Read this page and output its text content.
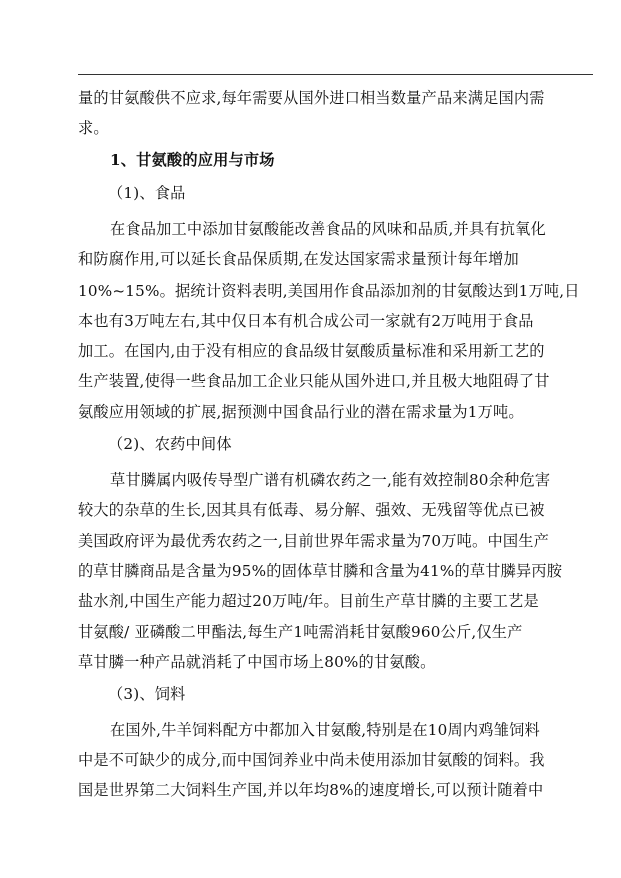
量的甘氨酸供不应求,每年需要从国外进口相当数量产品来满足国内需
求。
1、甘氨酸的应用与市场
（1)、食品
在食品加工中添加甘氨酸能改善食品的风味和品质,并具有抗氧化
和防腐作用,可以延长食品保质期,在发达国家需求量预计每年增加
10%~15%。据统计资料表明,美国用作食品添加剂的甘氨酸达到1万吨,日
本也有3万吨左右,其中仅日本有机合成公司一家就有2万吨用于食品
加工。在国内,由于没有相应的食品级甘氨酸质量标准和采用新工艺的
生产装置,使得一些食品加工企业只能从国外进口,并且极大地阻碍了甘
氨酸应用领域的扩展,据预测中国食品行业的潜在需求量为1万吨。
（2)、农药中间体
草甘膦属内吸传导型广谱有机磷农药之一,能有效控制80余种危害
较大的杂草的生长,因其具有低毒、易分解、强效、无残留等优点已被
美国政府评为最优秀农药之一,目前世界年需求量为70万吨。中国生产
的草甘膦商品是含量为95%的固体草甘膦和含量为41%的草甘膦异丙胺
盐水剂,中国生产能力超过20万吨/年。目前生产草甘膦的主要工艺是
甘氨酸/ 亚磷酸二甲酯法,每生产1吨需消耗甘氨酸960公斤,仅生产
草甘膦一种产品就消耗了中国市场上80%的甘氨酸。
（3)、饲料
在国外,牛羊饲料配方中都加入甘氨酸,特别是在10周内鸡雏饲料
中是不可缺少的成分,而中国饲养业中尚未使用添加甘氨酸的饲料。我
国是世界第二大饲料生产国,并以年均8%的速度增长,可以预计随着中
